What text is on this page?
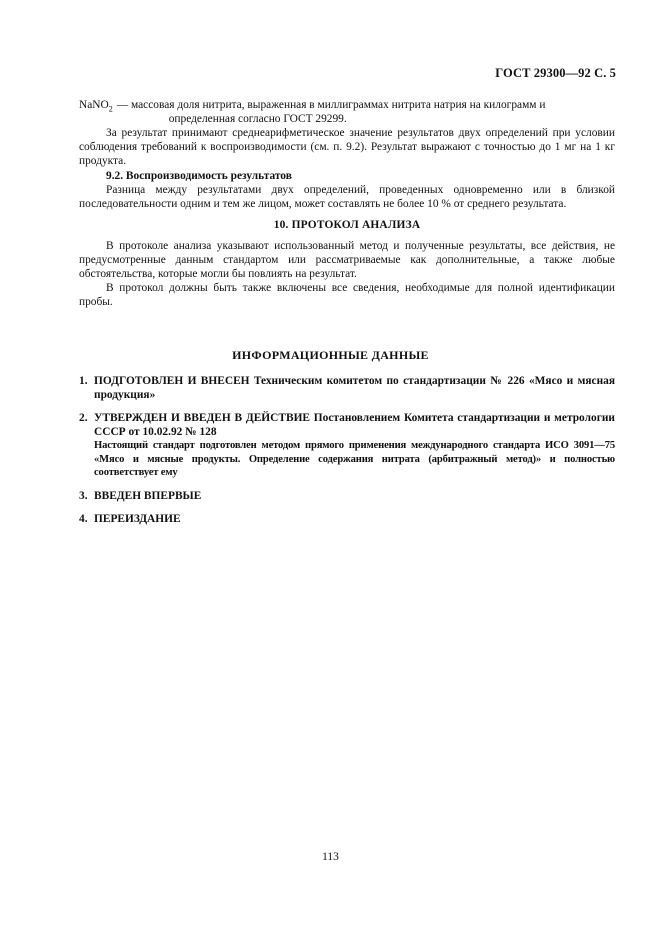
ГОСТ 29300—92 С. 5
NaNO$_2$ — массовая доля нитрита, выраженная в миллиграммах нитрита натрия на килограмм и

определенная согласно ГОСТ 29299.

За результат принимают среднеарифметическое значение результатов двух определений при условии соблюдения требований к воспроизводимости (см. п. 9.2). Результат выражают с точностью до 1 мг на 1 кг продукта.

9.2. Воспроизводимость результатов

Разница между результатами двух определений, проведенных одновременно или в близкой последовательности одним и тем же лицом, может составлять не более 10 % от среднего результата.

10. ПРОТОКОЛ АНАЛИЗА

В протоколе анализа указывают использованный метод и полученные результаты, все действия, не предусмотренные данным стандартом или рассматриваемые как дополнительные, а также любые обстоятельства, которые могли бы повлиять на результат.

В протокол должны быть также включены все сведения, необходимые для полной идентификации пробы.

ИНФОРМАЦИОННЫЕ ДАННЫЕ
1. ПОДГОТОВЛЕН И ВНЕСЕН Техническим комитетом по стандартизации № 226 «Мясо и мясная продукция»

2. УТВЕРЖДЕН И ВВЕДЕН В ДЕЙСТВИЕ Постановлением Комитета стандартизации и метрологии СССР от 10.02.92 № 128

Настоящий стандарт подготовлен методом прямого применения международного стандарта ИСО 3091—75 «Мясо и мясные продукты. Определение содержания нитрата (арбитражный метод)» и полностью соответствует ему

3. ВВЕДЕН ВПЕРВЫЕ

4. ПЕРЕИЗДАНИЕ

113
